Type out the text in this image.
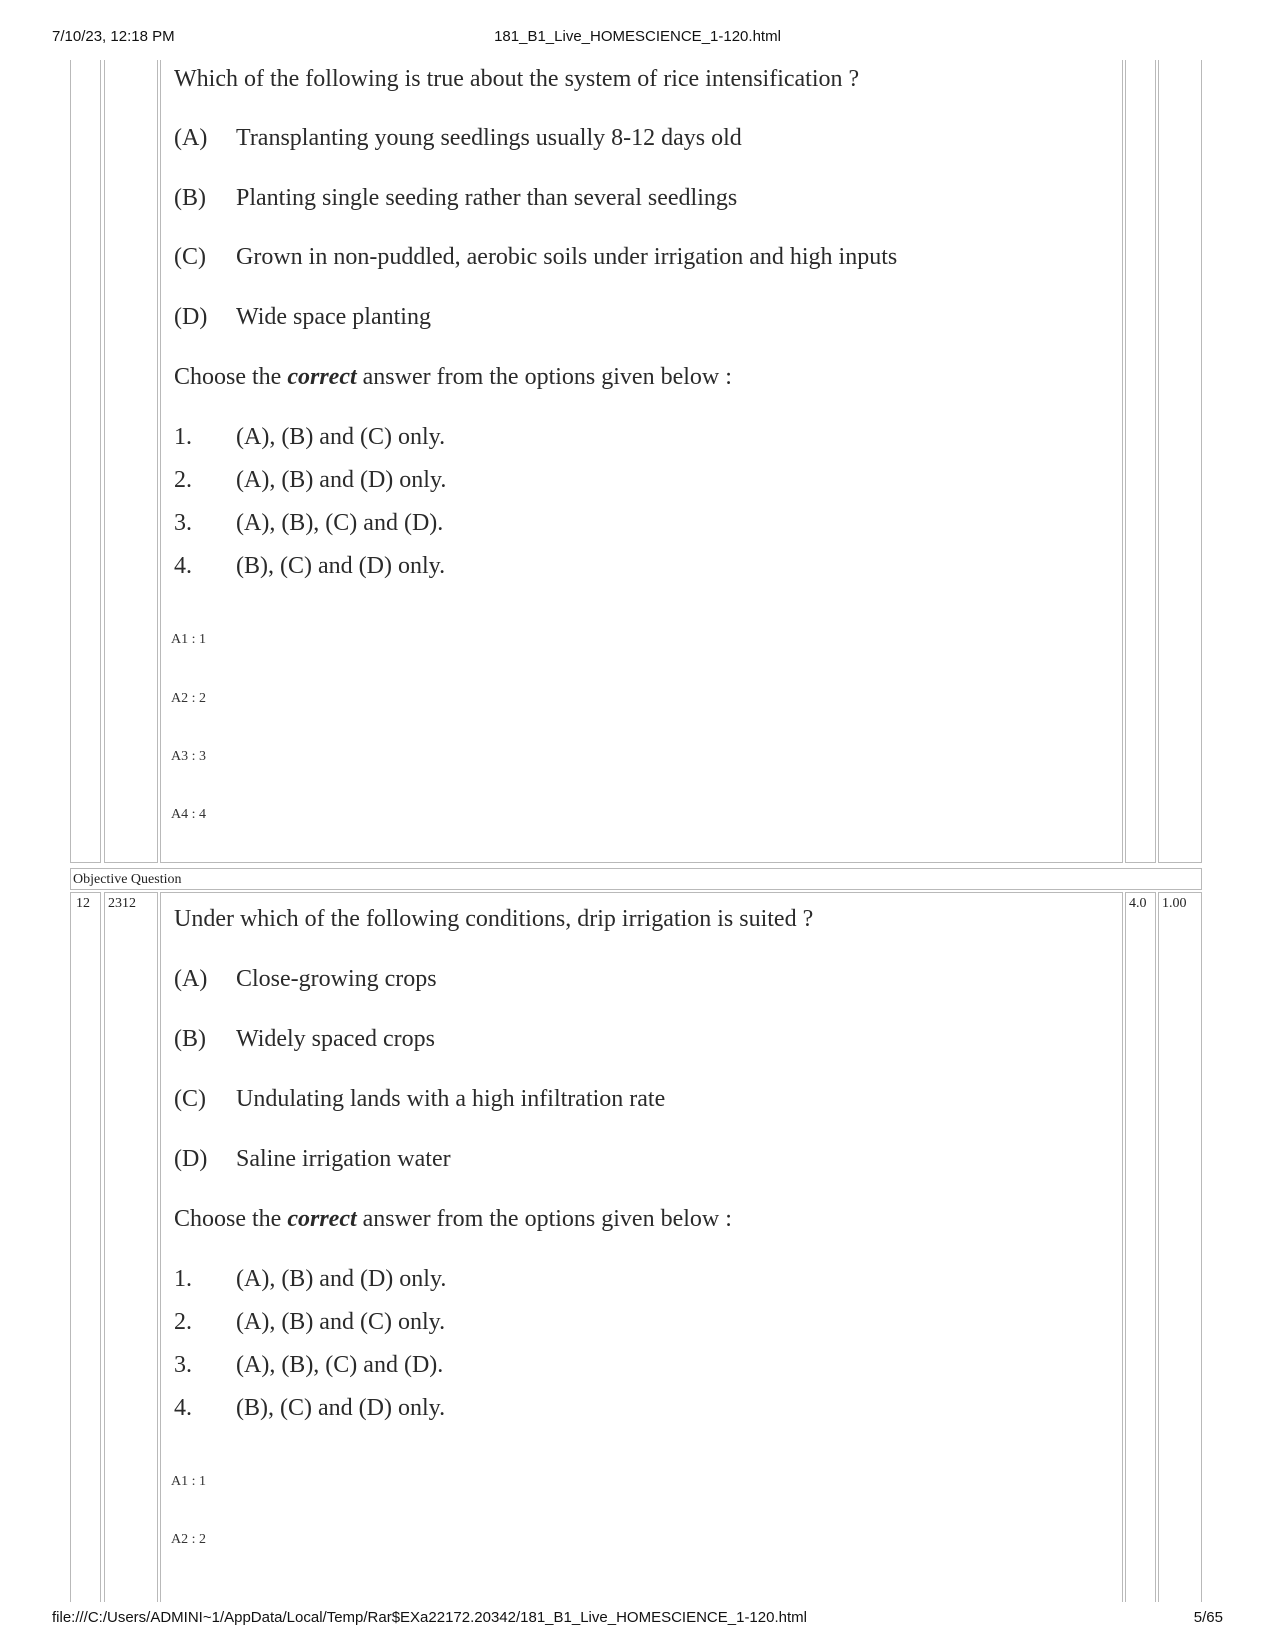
7/10/23, 12:18 PM	181_B1_Live_HOMESCIENCE_1-120.html
Which of the following is true about the system of rice intensification ?
(A) Transplanting young seedlings usually 8-12 days old
(B) Planting single seeding rather than several seedlings
(C) Grown in non-puddled, aerobic soils under irrigation and high inputs
(D) Wide space planting
Choose the correct answer from the options given below :
1. (A), (B) and (C) only.
2. (A), (B) and (D) only.
3. (A), (B), (C) and (D).
4. (B), (C) and (D) only.
A1 : 1
A2 : 2
A3 : 3
A4 : 4
Objective Question
12 2312	4.0 1.00
Under which of the following conditions, drip irrigation is suited ?
(A) Close-growing crops
(B) Widely spaced crops
(C) Undulating lands with a high infiltration rate
(D) Saline irrigation water
Choose the correct answer from the options given below :
1. (A), (B) and (D) only.
2. (A), (B) and (C) only.
3. (A), (B), (C) and (D).
4. (B), (C) and (D) only.
A1 : 1
A2 : 2
file:///C:/Users/ADMINI~1/AppData/Local/Temp/Rar$EXa22172.20342/181_B1_Live_HOMESCIENCE_1-120.html	5/65
